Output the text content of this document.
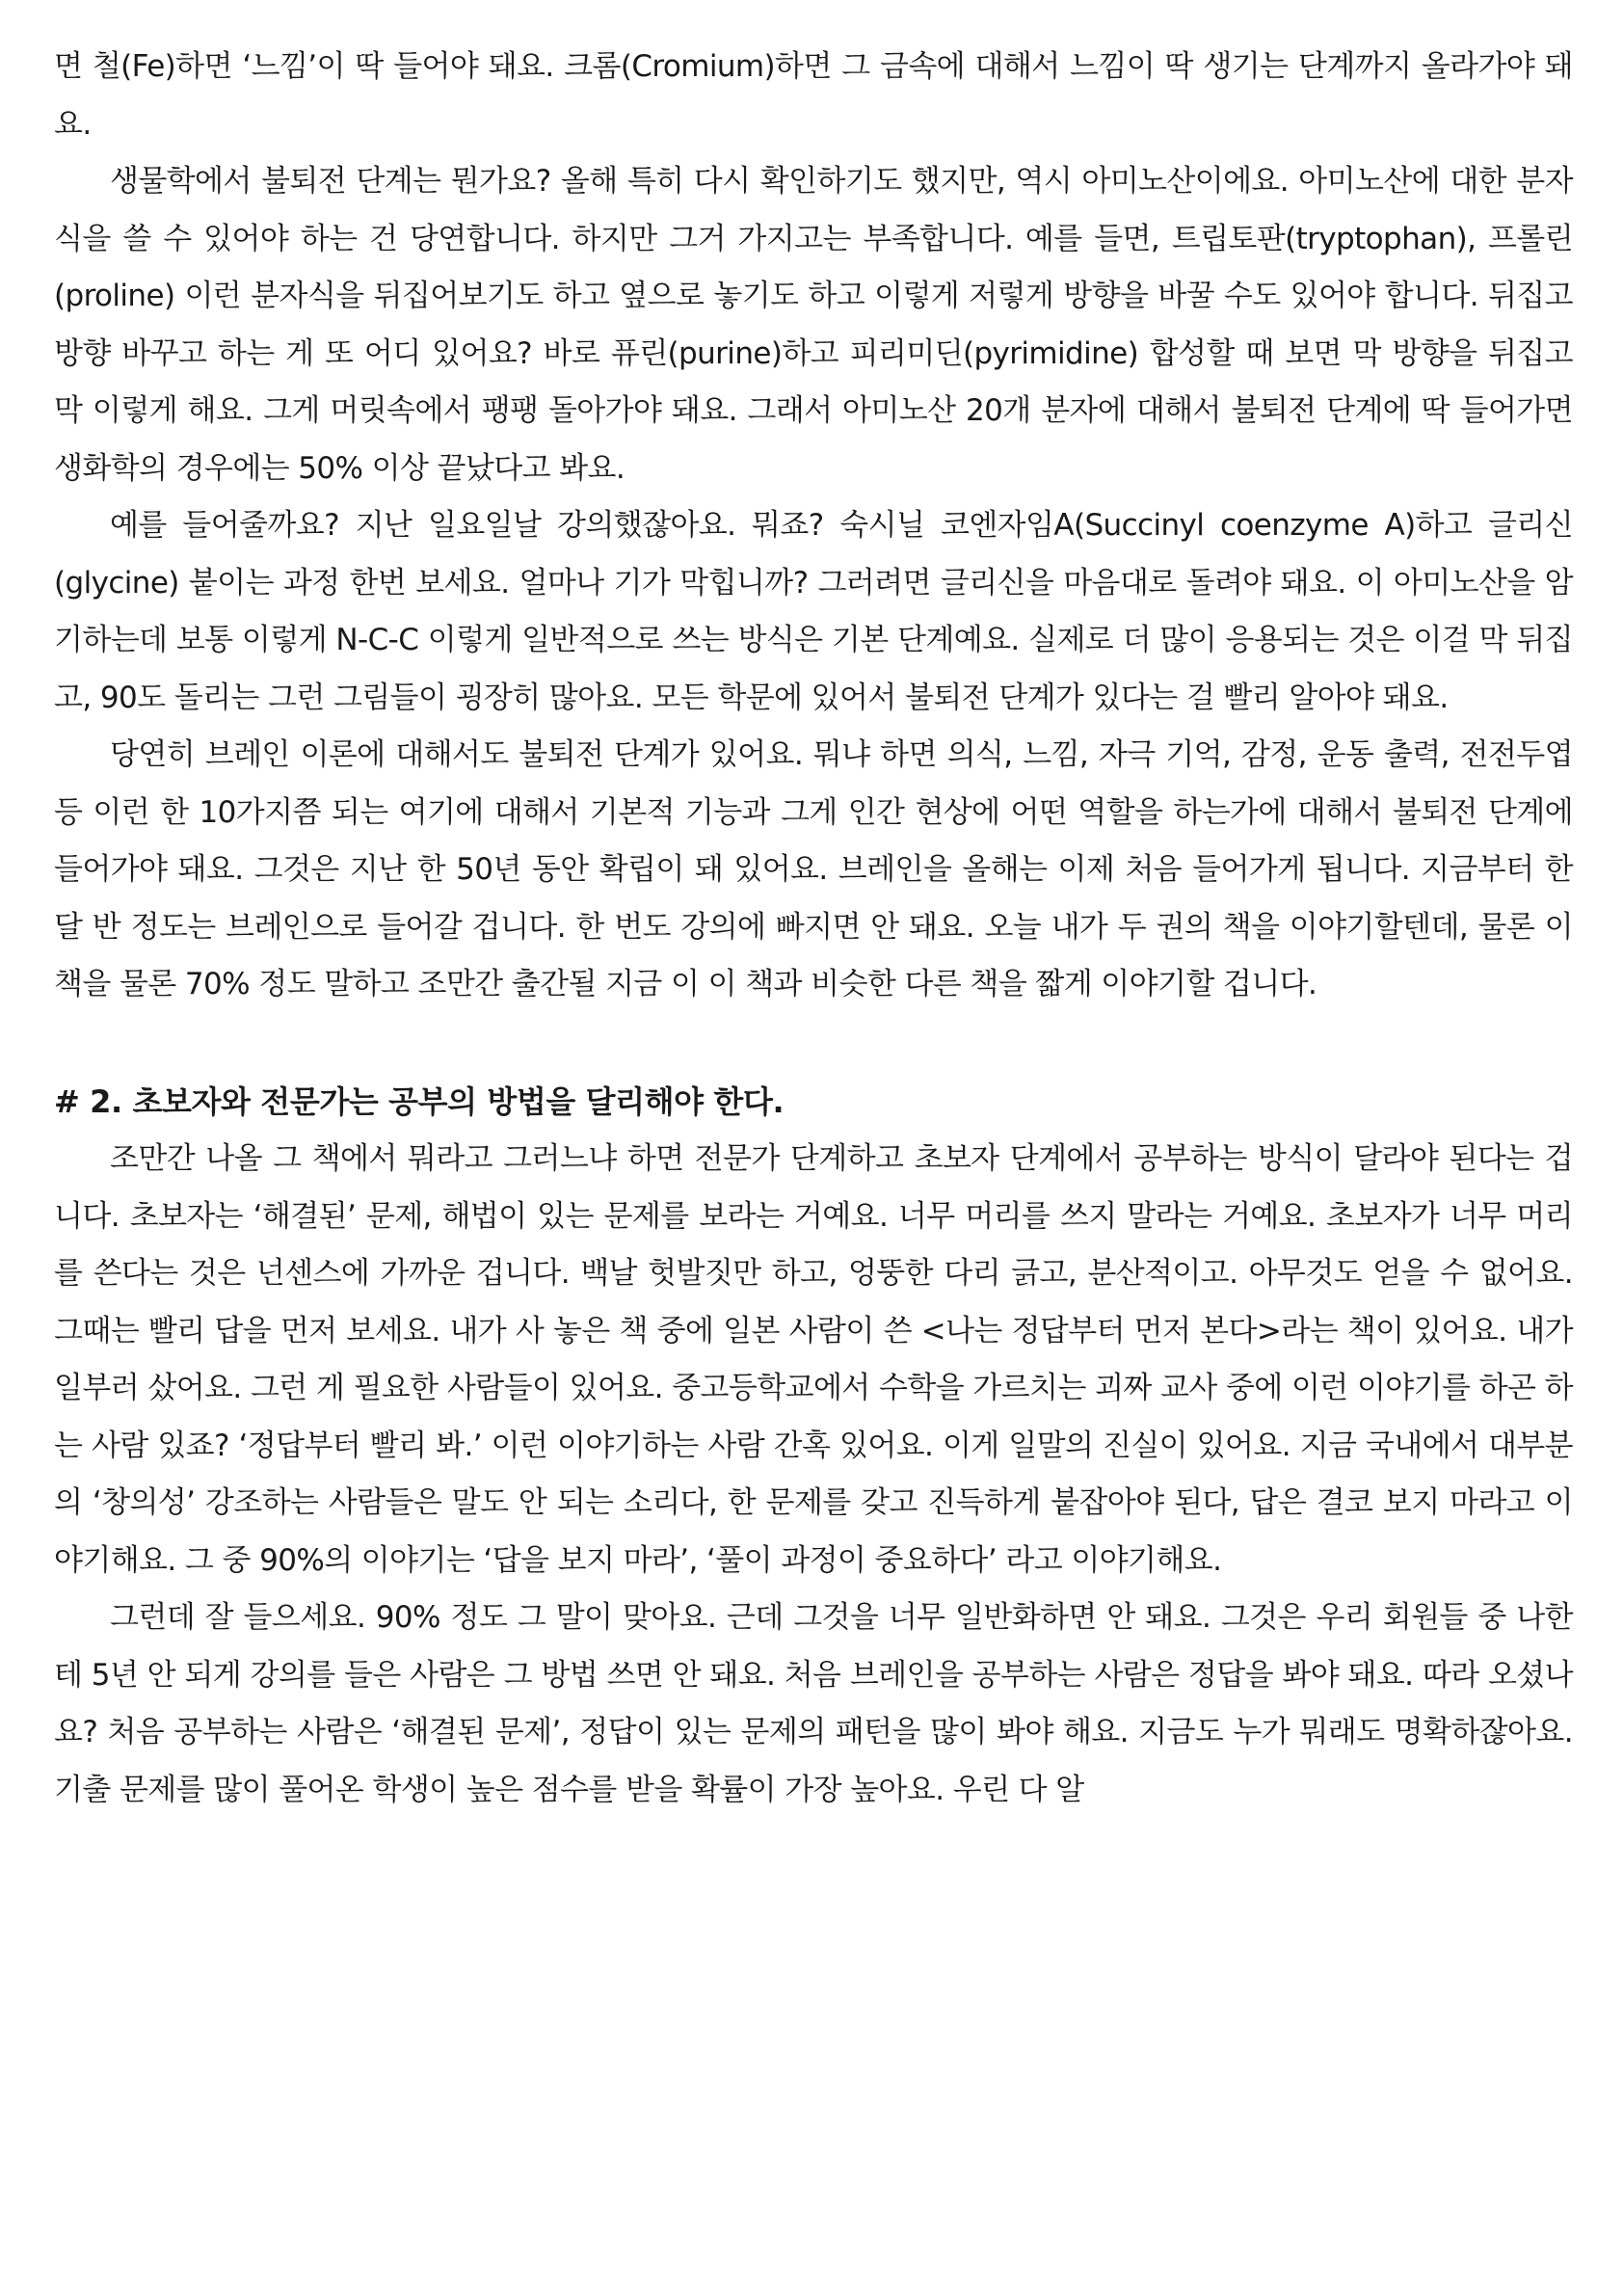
면 철(Fe)하면 ‘느낌’이 딱 들어야 돼요. 크롬(Cromium)하면 그 금속에 대해서 느낌이 딱 생기는 단계까지 올라가야 돼요.

생물학에서 불퇴전 단계는 뭔가요? 올해 특히 다시 확인하기도 했지만, 역시 아미노산이에요. 아미노산에 대한 분자식을 쓸 수 있어야 하는 건 당연합니다. 하지만 그거 가지고는 부족합니다. 예를 들면, 트립토판(tryptophan), 프롤린(proline) 이런 분자식을 뒤집어보기도 하고 옆으로 놓기도 하고 이렇게 저렇게 방향을 바꿀 수도 있어야 합니다. 뒤집고 방향 바꾸고 하는 게 또 어디 있어요? 바로 퓨린(purine)하고 피리미딘(pyrimidine) 합성할 때 보면 막 방향을 뒤집고 막 이렇게 해요. 그게 머릿속에서 팽팽 돌아가야 돼요. 그래서 아미노산 20개 분자에 대해서 불퇴전 단계에 딱 들어가면 생화학의 경우에는 50% 이상 끝났다고 봐요.

예를 들어줄까요? 지난 일요일날 강의했잖아요. 뭐죠? 숙시닐 코엔자임A(Succinyl coenzyme A)하고 글리신(glycine) 붙이는 과정 한번 보세요. 얼마나 기가 막힙니까? 그러려면 글리신을 마음대로 돌려야 돼요. 이 아미노산을 암기하는데 보통 이렇게 N-C-C 이렇게 일반적으로 쓰는 방식은 기본 단계예요. 실제로 더 많이 응용되는 것은 이걸 막 뒤집고, 90도 돌리는 그런 그림들이 굉장히 많아요. 모든 학문에 있어서 불퇴전 단계가 있다는 걸 빨리 알아야 돼요.

당연히 브레인 이론에 대해서도 불퇴전 단계가 있어요. 뭐냐 하면 의식, 느낌, 자극 기억, 감정, 운동 출력, 전전두엽 등 이런 한 10가지쯤 되는 여기에 대해서 기본적 기능과 그게 인간 현상에 어떤 역할을 하는가에 대해서 불퇴전 단계에 들어가야 돼요. 그것은 지난 한 50년 동안 확립이 돼 있어요. 브레인을 올해는 이제 처음 들어가게 됩니다. 지금부터 한 달 반 정도는 브레인으로 들어갈 겁니다. 한 번도 강의에 빠지면 안 돼요. 오늘 내가 두 권의 책을 이야기할텐데, 물론 이 책을 물론 70% 정도 말하고 조만간 출간될 지금 이 이 책과 비슷한 다른 책을 짧게 이야기할 겁니다.

# 2. 초보자와 전문가는 공부의 방법을 달리해야 한다.

조만간 나올 그 책에서 뭐라고 그러느냐 하면 전문가 단계하고 초보자 단계에서 공부하는 방식이 달라야 된다는 겁니다. 초보자는 ‘해결된’ 문제, 해법이 있는 문제를 보라는 거예요. 너무 머리를 쓰지 말라는 거예요. 초보자가 너무 머리를 쓴다는 것은 넌센스에 가까운 겁니다. 백날 헛발짓만 하고, 엉뚱한 다리 긁고, 분산적이고. 아무것도 얻을 수 없어요. 그때는 빨리 답을 먼저 보세요. 내가 사 놓은 책 중에 일본 사람이 쓴 <나는 정답부터 먼저 본다>라는 책이 있어요. 내가 일부러 샀어요. 그런 게 필요한 사람들이 있어요. 중고등학교에서 수학을 가르치는 괴짜 교사 중에 이런 이야기를 하곤 하는 사람 있죠? ‘정답부터 빨리 봐.’ 이런 이야기하는 사람 간혹 있어요. 이게 일말의 진실이 있어요. 지금 국내에서 대부분의 ‘창의성’ 강조하는 사람들은 말도 안 되는 소리다, 한 문제를 갖고 진득하게 붙잡아야 된다, 답은 결코 보지 마라고 이야기해요. 그 중 90%의 이야기는 ‘답을 보지 마라’, ‘풀이 과정이 중요하다’ 라고 이야기해요.

그런데 잘 들으세요. 90% 정도 그 말이 맞아요. 근데 그것을 너무 일반화하면 안 돼요. 그것은 우리 회원들 중 나한테 5년 안 되게 강의를 들은 사람은 그 방법 쓰면 안 돼요. 처음 브레인을 공부하는 사람은 정답을 봐야 돼요. 따라 오셨나요? 처음 공부하는 사람은 ‘해결된 문제’, 정답이 있는 문제의 패턴을 많이 봐야 해요. 지금도 누가 뭐래도 명확하잖아요. 기출 문제를 많이 풀어온 학생이 높은 점수를 받을 확률이 가장 높아요. 우린 다 알
